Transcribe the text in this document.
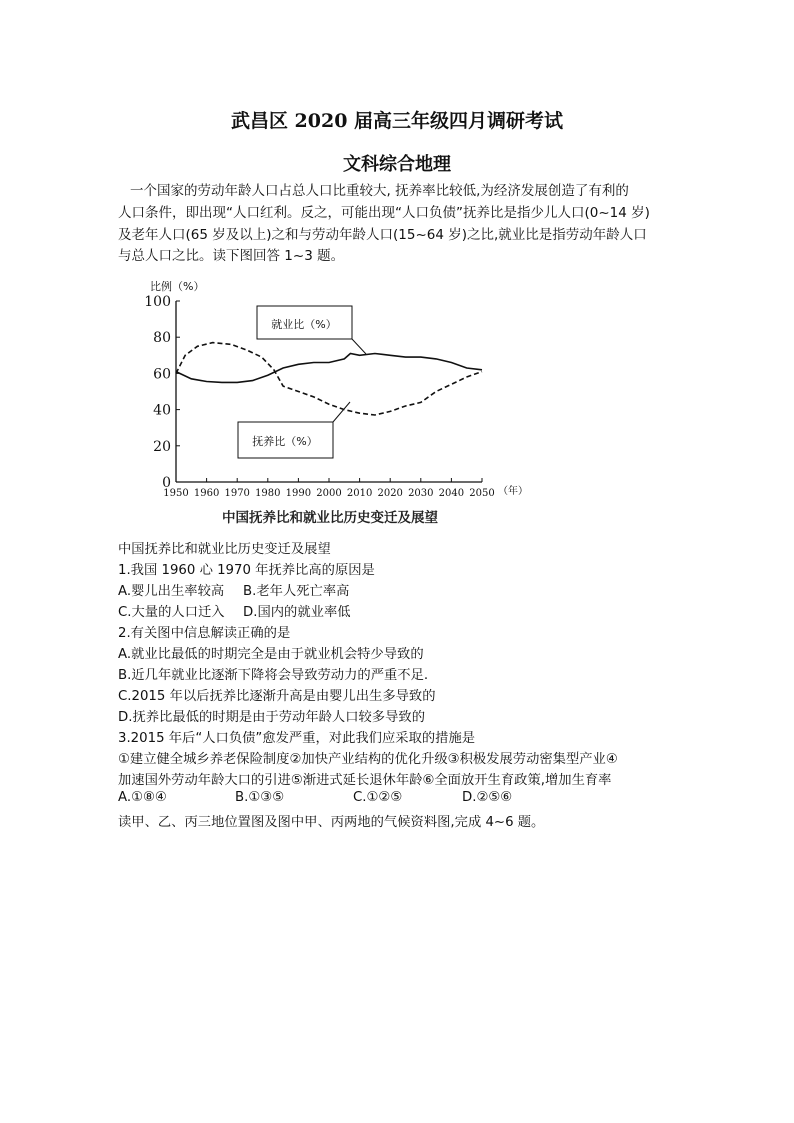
武昌区 2020 届高三年级四月调研考试
文科综合地理
一个国家的劳动年龄人口占总人口比重较大, 抚养率比较低,为经济发展创造了有利的
人口条件，即出现“人口红利。反之，可能出现“人口负债”抚养比是指少儿人口(0~14 岁)
及老年人口(65 岁及以上)之和与劳动年龄人口(15~64 岁)之比,就业比是指劳动年龄人口
与总人口之比。读下图回答 1~3 题。
0
20
40
60
80
100
1950 1960 1970 1980 1990 2000 2010 2020 2030 2040 2050
比例（%）
（年）
就业比（%）
抚养比（%）
中国抚养比和就业比历史变迁及展望
中国抚养比和就业比历史变迁及展望
1.我国 1960 心 1970 年抚养比高的原因是
A.婴儿出生率较高 B.老年人死亡率高
C.大量的人口迁入 D.国内的就业率低
2.有关图中信息解读正确的是
A.就业比最低的时期完全是由于就业机会特少导致的
B.近几年就业比逐渐下降将会导致劳动力的严重不足.
C.2015 年以后抚养比逐渐升高是由婴儿出生多导致的
D.抚养比最低的时期是由于劳动年龄人口较多导致的
3.2015 年后“人口负债”愈发严重，对此我们应采取的措施是
①建立健全城乡养老保险制度②加快产业结构的优化升级③积极发展劳动密集型产业④
加速国外劳动年龄大口的引进⑤渐进式延长退休年龄⑥全面放开生育政策,增加生育率
A.①⑧④	B.①③⑤	C.①②⑤	D.②⑤⑥
读甲、乙、丙三地位置图及图中甲、丙两地的气候资料图,完成 4~6 题。
